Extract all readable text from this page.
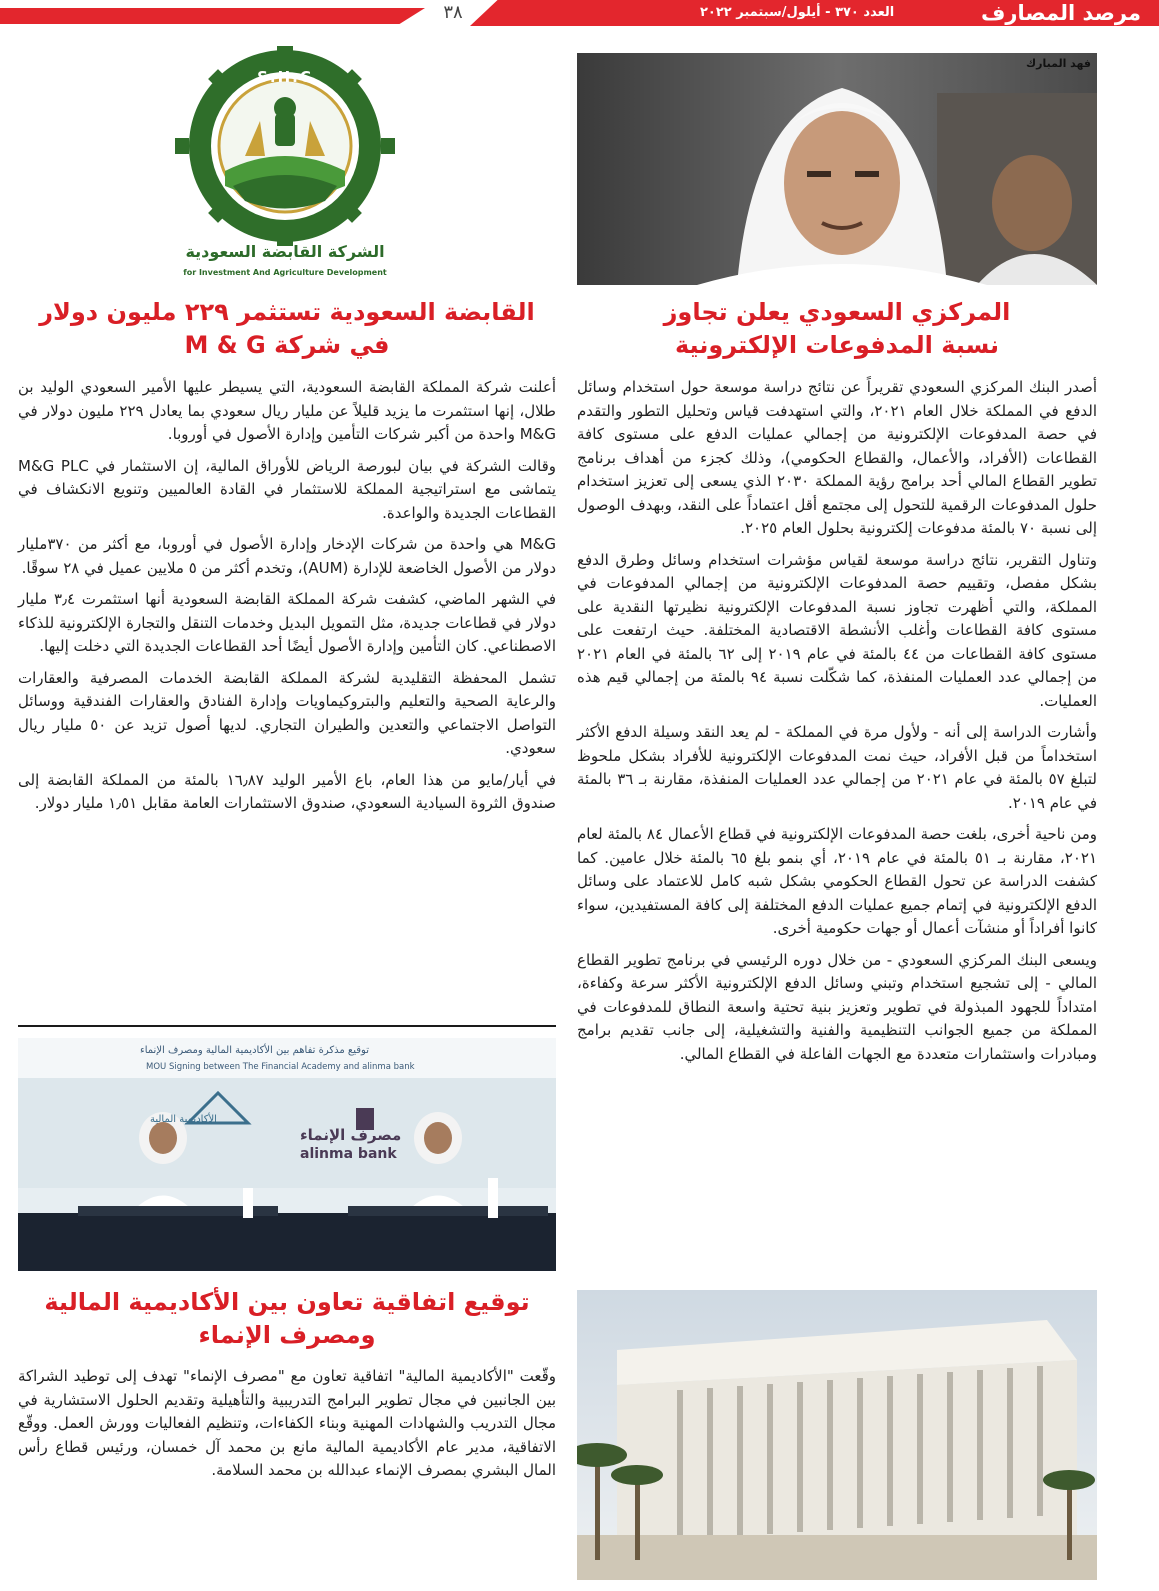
٣٨	العدد ٣٧٠ - أيلول/سبتمبر ٢٠٢٢	مرصد المصارف
فهد المبارك
المركزي السعودي يعلن تجاوز
نسبة المدفوعات الإلكترونية

أصدر البنك المركزي السعودي تقريراً عن نتائج دراسة موسعة حول استخدام وسائل الدفع في المملكة خلال العام ٢٠٢١، والتي استهدفت قياس وتحليل التطور والتقدم في حصة المدفوعات الإلكترونية من إجمالي عمليات الدفع على مستوى كافة القطاعات (الأفراد، والأعمال، والقطاع الحكومي)، وذلك كجزء من أهداف برنامج تطوير القطاع المالي أحد برامج رؤية المملكة ٢٠٣٠ الذي يسعى إلى تعزيز استخدام حلول المدفوعات الرقمية للتحول إلى مجتمع أقل اعتماداً على النقد، وبهدف الوصول إلى نسبة ٧٠ بالمئة مدفوعات إلكترونية بحلول العام ٢٠٢٥.

وتناول التقرير، نتائج دراسة موسعة لقياس مؤشرات استخدام وسائل وطرق الدفع بشكل مفصل، وتقييم حصة المدفوعات الإلكترونية من إجمالي المدفوعات في المملكة، والتي أظهرت تجاوز نسبة المدفوعات الإلكترونية نظيرتها النقدية على مستوى كافة القطاعات وأغلب الأنشطة الاقتصادية المختلفة. حيث ارتفعت على مستوى كافة القطاعات من ٤٤ بالمئة في عام ٢٠١٩ إلى ٦٢ بالمئة في العام ٢٠٢١ من إجمالي عدد العمليات المنفذة، كما شكّلت نسبة ٩٤ بالمئة من إجمالي قيم هذه العمليات.

وأشارت الدراسة إلى أنه - ولأول مرة في المملكة - لم يعد النقد وسيلة الدفع الأكثر استخداماً من قبل الأفراد، حيث نمت المدفوعات الإلكترونية للأفراد بشكل ملحوظ لتبلغ ٥٧ بالمئة في عام ٢٠٢١ من إجمالي عدد العمليات المنفذة، مقارنة بـ ٣٦ بالمئة في عام ٢٠١٩.

ومن ناحية أخرى، بلغت حصة المدفوعات الإلكترونية في قطاع الأعمال ٨٤ بالمئة لعام ٢٠٢١، مقارنة بـ ٥١ بالمئة في عام ٢٠١٩، أي بنمو بلغ ٦٥ بالمئة خلال عامين. كما كشفت الدراسة عن تحول القطاع الحكومي بشكل شبه كامل للاعتماد على وسائل الدفع الإلكترونية في إتمام جميع عمليات الدفع المختلفة إلى كافة المستفيدين، سواء كانوا أفراداً أو منشآت أعمال أو جهات حكومية أخرى.

ويسعى البنك المركزي السعودي - من خلال دوره الرئيسي في برنامج تطوير القطاع المالي - إلى تشجيع استخدام وتبني وسائل الدفع الإلكترونية الأكثر سرعة وكفاءة، امتداداً للجهود المبذولة في تطوير وتعزيز بنية تحتية واسعة النطاق للمدفوعات في المملكة من جميع الجوانب التنظيمية والفنية والتشغيلية، إلى جانب تقديم برامج ومبادرات واستثمارات متعددة مع الجهات الفاعلة في القطاع المالي.

S.H.C
الشركة القابضة السعودية
for Investment And Agriculture Development
القابضة السعودية تستثمر ٢٢٩ مليون دولار
في شركة M & G

أعلنت شركة المملكة القابضة السعودية، التي يسيطر عليها الأمير السعودي الوليد بن طلال، إنها استثمرت ما يزيد قليلاً عن مليار ريال سعودي بما يعادل ٢٢٩ مليون دولار في M&G واحدة من أكبر شركات التأمين وإدارة الأصول في أوروبا.

وقالت الشركة في بيان لبورصة الرياض للأوراق المالية، إن الاستثمار في M&G PLC يتماشى مع استراتيجية المملكة للاستثمار في القادة العالميين وتنويع الانكشاف في القطاعات الجديدة والواعدة.

M&G هي واحدة من شركات الإدخار وإدارة الأصول في أوروبا، مع أكثر من ٣٧٠مليار دولار من الأصول الخاضعة للإدارة (AUM)، وتخدم أكثر من ٥ ملايين عميل في ٢٨ سوقًا.

في الشهر الماضي، كشفت شركة المملكة القابضة السعودية أنها استثمرت ٣٫٤ مليار دولار في قطاعات جديدة، مثل التمويل البديل وخدمات التنقل والتجارة الإلكترونية للذكاء الاصطناعي. كان التأمين وإدارة الأصول أيضًا أحد القطاعات الجديدة التي دخلت إليها.

تشمل المحفظة التقليدية لشركة المملكة القابضة الخدمات المصرفية والعقارات والرعاية الصحية والتعليم والبتروكيماويات وإدارة الفنادق والعقارات الفندقية ووسائل التواصل الاجتماعي والتعدين والطيران التجاري. لديها أصول تزيد عن ٥٠ مليار ريال سعودي.

في أيار/مايو من هذا العام، باع الأمير الوليد ١٦٫٨٧ بالمئة من المملكة القابضة إلى صندوق الثروة السيادية السعودي، صندوق الاستثمارات العامة مقابل ١٫٥١ مليار دولار.

توقيع مذكرة تفاهم بين الأكاديمية المالية ومصرف الإنماء
MOU Signing between The Financial Academy and alinma bank
الأكاديمية المالية
مصرف الإنماء
alinma bank
توقيع اتفاقية تعاون بين الأكاديمية المالية
ومصرف الإنماء

وقّعت "الأكاديمية المالية" اتفاقية تعاون مع "مصرف الإنماء" تهدف إلى توطيد الشراكة بين الجانبين في مجال تطوير البرامج التدريبية والتأهيلية وتقديم الحلول الاستشارية في مجال التدريب والشهادات المهنية وبناء الكفاءات، وتنظيم الفعاليات وورش العمل. ووقّع الاتفاقية، مدير عام الأكاديمية المالية مانع بن محمد آل خمسان، ورئيس قطاع رأس المال البشري بمصرف الإنماء عبدالله بن محمد السلامة.
